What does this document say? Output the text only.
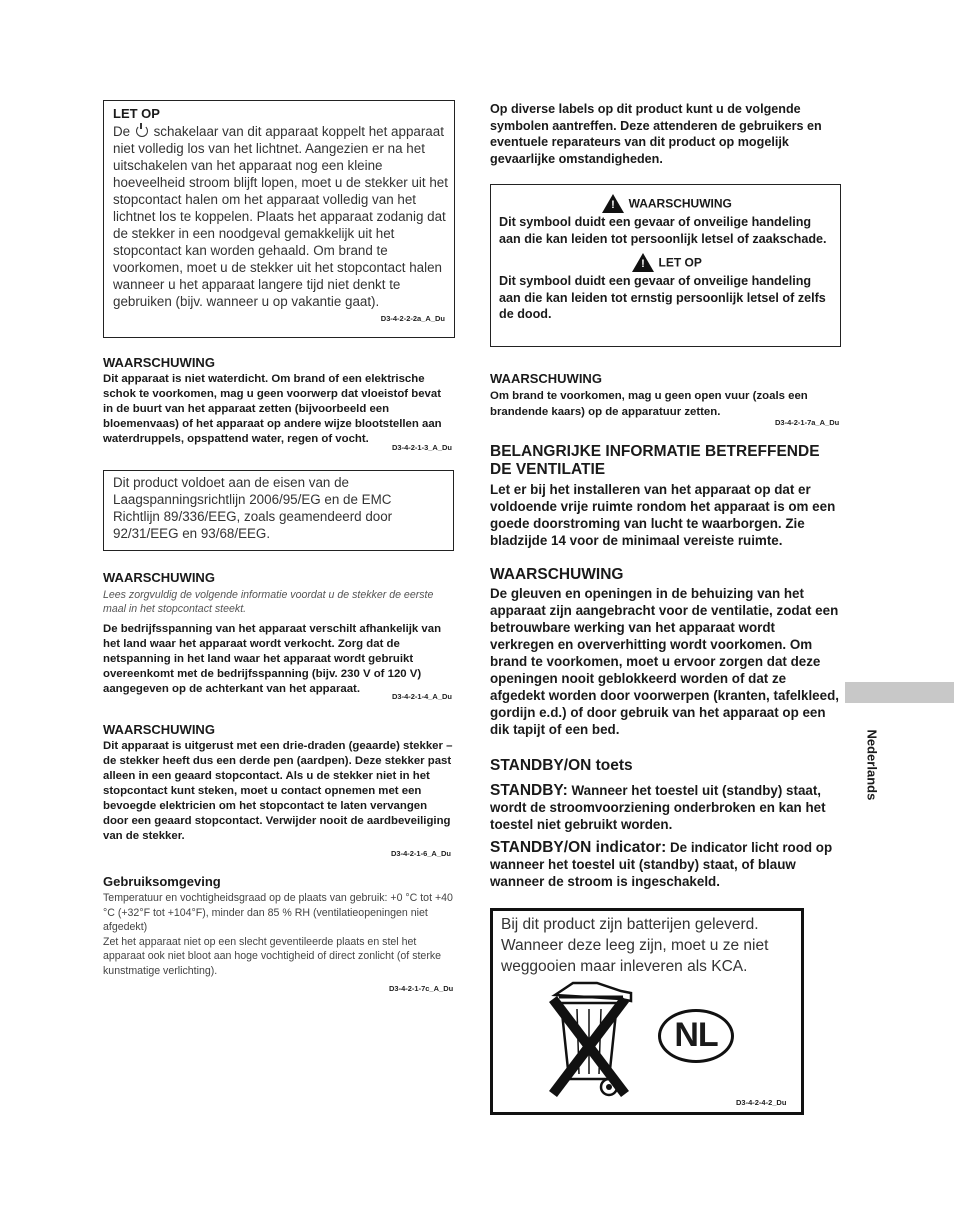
LET OP

De schakelaar van dit apparaat koppelt het apparaat niet volledig los van het lichtnet. Aangezien er na het uitschakelen van het apparaat nog een kleine hoeveelheid stroom blijft lopen, moet u de stekker uit het stopcontact halen om het apparaat volledig van het lichtnet los te koppelen. Plaats het apparaat zodanig dat de stekker in een noodgeval gemakkelijk uit het stopcontact kan worden gehaald. Om brand te voorkomen, moet u de stekker uit het stopcontact halen wanneer u het apparaat langere tijd niet denkt te gebruiken (bijv. wanneer u op vakantie gaat).

D3-4-2-2-2a_A_Du

WAARSCHUWING

Dit apparaat is niet waterdicht. Om brand of een elektrische schok te voorkomen, mag u geen voorwerp dat vloeistof bevat in de buurt van het apparaat zetten (bijvoorbeeld een bloemenvaas) of het apparaat op andere wijze blootstellen aan waterdruppels, opspattend water, regen of vocht.

D3-4-2-1-3_A_Du

Dit product voldoet aan de eisen van de Laagspanningsrichtlijn 2006/95/EG en de EMC Richtlijn 89/336/EEG, zoals geamendeerd door 92/31/EEG en 93/68/EEG.

WAARSCHUWING

Lees zorgvuldig de volgende informatie voordat u de stekker de eerste maal in het stopcontact steekt.

De bedrijfsspanning van het apparaat verschilt afhankelijk van het land waar het apparaat wordt verkocht. Zorg dat de netspanning in het land waar het apparaat wordt gebruikt overeenkomt met de bedrijfsspanning (bijv. 230 V of 120 V) aangegeven op de achterkant van het apparaat.

D3-4-2-1-4_A_Du

WAARSCHUWING

Dit apparaat is uitgerust met een drie-draden (geaarde) stekker – de stekker heeft dus een derde pen (aardpen). Deze stekker past alleen in een geaard stopcontact. Als u de stekker niet in het stopcontact kunt steken, moet u contact opnemen met een bevoegde elektricien om het stopcontact te laten vervangen door een geaard stopcontact. Verwijder nooit de aardbeveiliging van de stekker.

D3-4-2-1-6_A_Du

Gebruiksomgeving

Temperatuur en vochtigheidsgraad op de plaats van gebruik: +0 °C tot +40 °C (+32°F tot +104°F), minder dan 85 % RH (ventilatieopeningen niet afgedekt)

Zet het apparaat niet op een slecht geventileerde plaats en stel het apparaat ook niet bloot aan hoge vochtigheid of direct zonlicht (of sterke kunstmatige verlichting).

D3-4-2-1-7c_A_Du

Op diverse labels op dit product kunt u de volgende symbolen aantreffen. Deze attenderen de gebruikers en eventuele reparateurs van dit product op mogelijk gevaarlijke omstandigheden.

! WAARSCHUWING

Dit symbool duidt een gevaar of onveilige handeling aan die kan leiden tot persoonlijk letsel of zaakschade.

! LET OP

Dit symbool duidt een gevaar of onveilige handeling aan die kan leiden tot ernstig persoonlijk letsel of zelfs de dood.

WAARSCHUWING

Om brand te voorkomen, mag u geen open vuur (zoals een brandende kaars) op de apparatuur zetten.

D3-4-2-1-7a_A_Du

BELANGRIJKE INFORMATIE BETREFFENDE DE VENTILATIE

Let er bij het installeren van het apparaat op dat er voldoende vrije ruimte rondom het apparaat is om een goede doorstroming van lucht te waarborgen. Zie bladzijde 14 voor de minimaal vereiste ruimte.

WAARSCHUWING

De gleuven en openingen in de behuizing van het apparaat zijn aangebracht voor de ventilatie, zodat een betrouwbare werking van het apparaat wordt verkregen en oververhitting wordt voorkomen. Om brand te voorkomen, moet u ervoor zorgen dat deze openingen nooit geblokkeerd worden of dat ze afgedekt worden door voorwerpen (kranten, tafelkleed, gordijn e.d.) of door gebruik van het apparaat op een dik tapijt of een bed.

STANDBY/ON toets

STANDBY: Wanneer het toestel uit (standby) staat, wordt de stroomvoorziening onderbroken en kan het toestel niet gebruikt worden.

STANDBY/ON indicator: De indicator licht rood op wanneer het toestel uit (standby) staat, of blauw wanneer de stroom is ingeschakeld.

Bij dit product zijn batterijen geleverd. Wanneer deze leeg zijn, moet u ze niet weggooien maar inleveren als KCA.

NL
D3-4-2-4-2_Du
Nederlands
